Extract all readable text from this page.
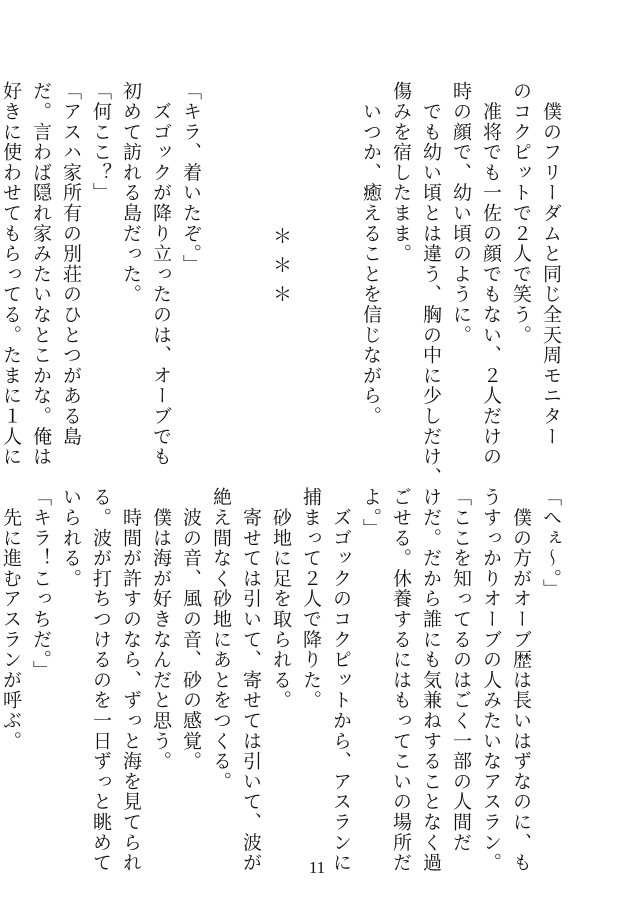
　僕のフリーダムと同じ全天周モニター
のコクピットで２人で笑う。
　准将でも一佐の顔でもない、２人だけの
時の顔で、幼い頃のように。
　でも幼い頃とは違う、胸の中に少しだけ、
傷みを宿したまま。
　いつか、癒えることを信じながら。

　　　　　＊＊＊

「キラ、着いたぞ。」
　ズゴックが降り立ったのは、オーブでも
初めて訪れる島だった。
「何ここ？」
「アスハ家所有の別荘のひとつがある島
だ。言わば隠れ家みたいなとこかな。俺は
好きに使わせてもらってる。たまに１人に

「へぇ〜。」
　僕の方がオーブ歴は長いはずなのに、も
うすっかりオーブの人みたいなアスラン。
「ここを知ってるのはごく一部の人間だ
けだ。だから誰にも気兼ねすることなく過
ごせる。休養するにはもってこいの場所だ
よ。」
　ズゴックのコクピットから、アスランに
捕まって２人で降りた。
　砂地に足を取られる。
　寄せては引いて、寄せては引いて、波が
絶え間なく砂地にあとをつくる。
　波の音、風の音、砂の感覚。
　僕は海が好きなんだと思う。
　時間が許すのなら、ずっと海を見てられ
る。波が打ちつけるのを一日ずっと眺めて
いられる。
「キラ！こっちだ。」
　先に進むアスランが呼ぶ。

11
